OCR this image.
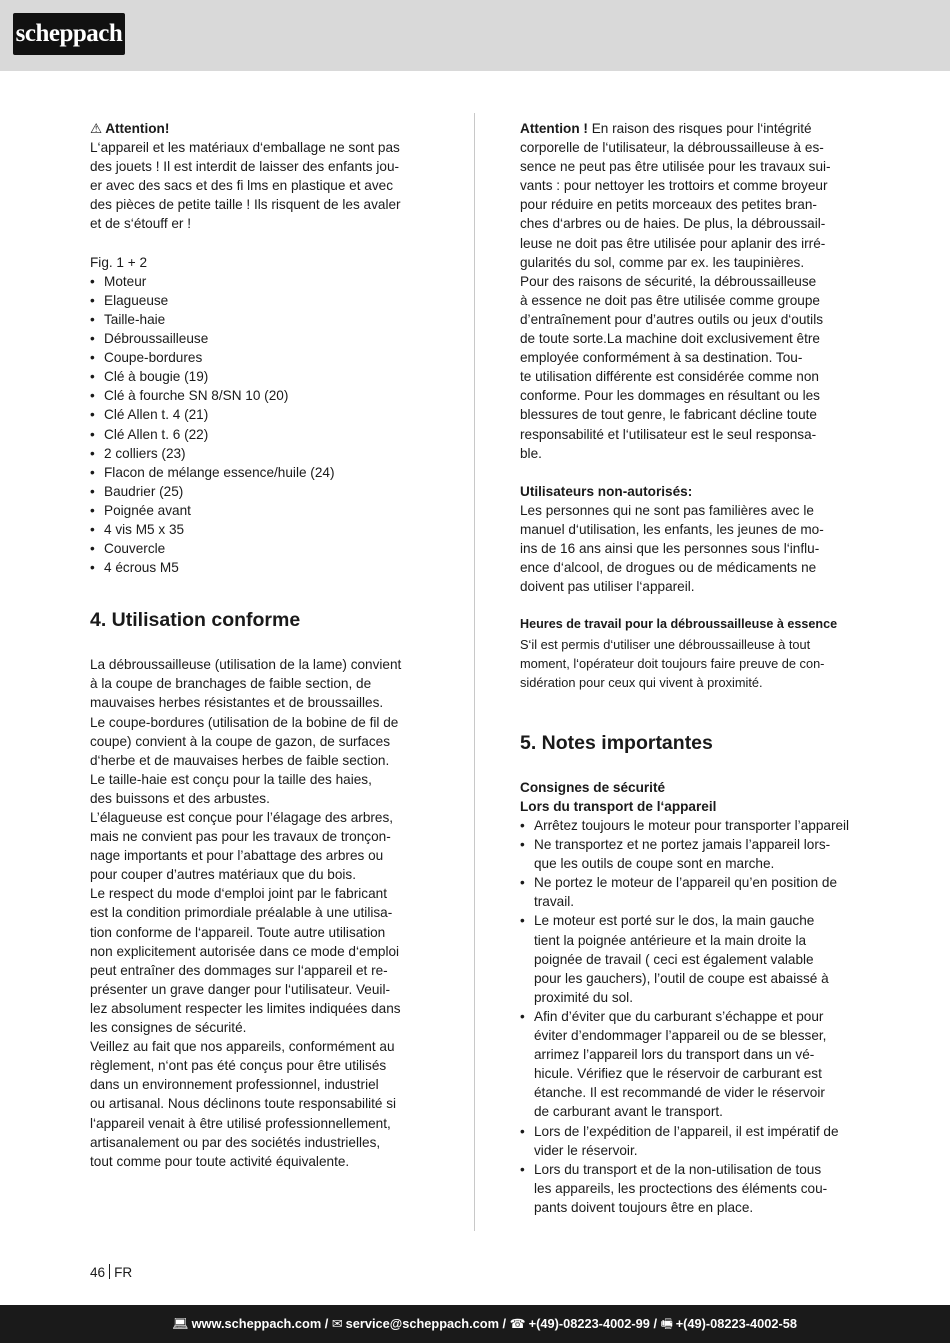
scheppach

⚠ Attention!

L‘appareil et les matériaux d‘emballage ne sont pas

des jouets ! Il est interdit de laisser des enfants jou-

er avec des sacs et des fi lms en plastique et avec

des pièces de petite taille ! Ils risquent de les avaler

et de s‘étouff er !

Fig. 1 + 2

• Moteur
• Elagueuse
• Taille-haie
• Débroussailleuse
• Coupe-bordures
• Clé à bougie (19)
• Clé à fourche SN 8/SN 10 (20)
• Clé Allen t. 4 (21)
• Clé Allen t. 6 (22)
• 2 colliers (23)
• Flacon de mélange essence/huile (24)
• Baudrier (25)
• Poignée avant
• 4 vis M5 x 35
• Couvercle
• 4 écrous M5
4. Utilisation conforme

La débroussailleuse (utilisation de la lame) convient

à la coupe de branchages de faible section, de

mauvaises herbes résistantes et de broussailles.

Le coupe-bordures (utilisation de la bobine de fil de

coupe) convient à la coupe de gazon, de surfaces

d‘herbe et de mauvaises herbes de faible section.

Le taille-haie est conçu pour la taille des haies,

des buissons et des arbustes.

L’élagueuse est conçue pour l’élagage des arbres,

mais ne convient pas pour les travaux de tronçon-

nage importants et pour l’abattage des arbres ou

pour couper d’autres matériaux que du bois.

Le respect du mode d‘emploi joint par le fabricant

est la condition primordiale préalable à une utilisa-

tion conforme de l‘appareil. Toute autre utilisation

non explicitement autorisée dans ce mode d‘emploi

peut entraîner des dommages sur l‘appareil et re-

présenter un grave danger pour l‘utilisateur. Veuil-

lez absolument respecter les limites indiquées dans

les consignes de sécurité.

Veillez au fait que nos appareils, conformément au

règlement, n‘ont pas été conçus pour être utilisés

dans un environnement professionnel, industriel

ou artisanal. Nous déclinons toute responsabilité si

l‘appareil venait à être utilisé professionnellement,

artisanalement ou par des sociétés industrielles,

tout comme pour toute activité équivalente.

Attention ! En raison des risques pour l‘intégrité

corporelle de l‘utilisateur, la débroussailleuse à es-

sence ne peut pas être utilisée pour les travaux sui-

vants : pour nettoyer les trottoirs et comme broyeur

pour réduire en petits morceaux des petites bran-

ches d‘arbres ou de haies. De plus, la débroussail-

leuse ne doit pas être utilisée pour aplanir des irré-

gularités du sol, comme par ex. les taupinières.

Pour des raisons de sécurité, la débroussailleuse

à essence ne doit pas être utilisée comme groupe

d’entraînement pour d’autres outils ou jeux d‘outils

de toute sorte.La machine doit exclusivement être

employée conformément à sa destination. Tou-

te utilisation différente est considérée comme non

conforme. Pour les dommages en résultant ou les

blessures de tout genre, le fabricant décline toute

responsabilité et l‘utilisateur est le seul responsa-

ble.

Utilisateurs non-autorisés:

Les personnes qui ne sont pas familières avec le

manuel d‘utilisation, les enfants, les jeunes de mo-

ins de 16 ans ainsi que les personnes sous l‘influ-

ence d‘alcool, de drogues ou de médicaments ne

doivent pas utiliser l‘appareil.

Heures de travail pour la débroussailleuse à essence

S‘il est permis d‘utiliser une débroussailleuse à tout

moment, l‘opérateur doit toujours faire preuve de con-

sidération pour ceux qui vivent à proximité.

5. Notes importantes

Consignes de sécurité

Lors du transport de l‘appareil

• Arrêtez toujours le moteur pour transporter l’appareil
• Ne transportez et ne portez jamais l’appareil lors-
que les outils de coupe sont en marche.
• Ne portez le moteur de l’appareil qu’en position de
travail.
• Le moteur est porté sur le dos, la main gauche
tient la poignée antérieure et la main droite la
poignée de travail ( ceci est également valable
pour les gauchers), l’outil de coupe est abaissé à
proximité du sol.
• Afin d’éviter que du carburant s’échappe et pour
éviter d’endommager l’appareil ou de se blesser,
arrimez l’appareil lors du transport dans un vé-
hicule. Vérifiez que le réservoir de carburant est
étanche. Il est recommandé de vider le réservoir
de carburant avant le transport.
• Lors de l’expédition de l’appareil, il est impératif de
vider le réservoir.
• Lors du transport et de la non-utilisation de tous
les appareils, les proctections des éléments cou-
pants doivent toujours être en place.
46 FR
💻︎ www.scheppach.com / ✉︎ service@scheppach.com / ☎ +(49)-08223-4002-99 / 🖷︎ +(49)-08223-4002-58
